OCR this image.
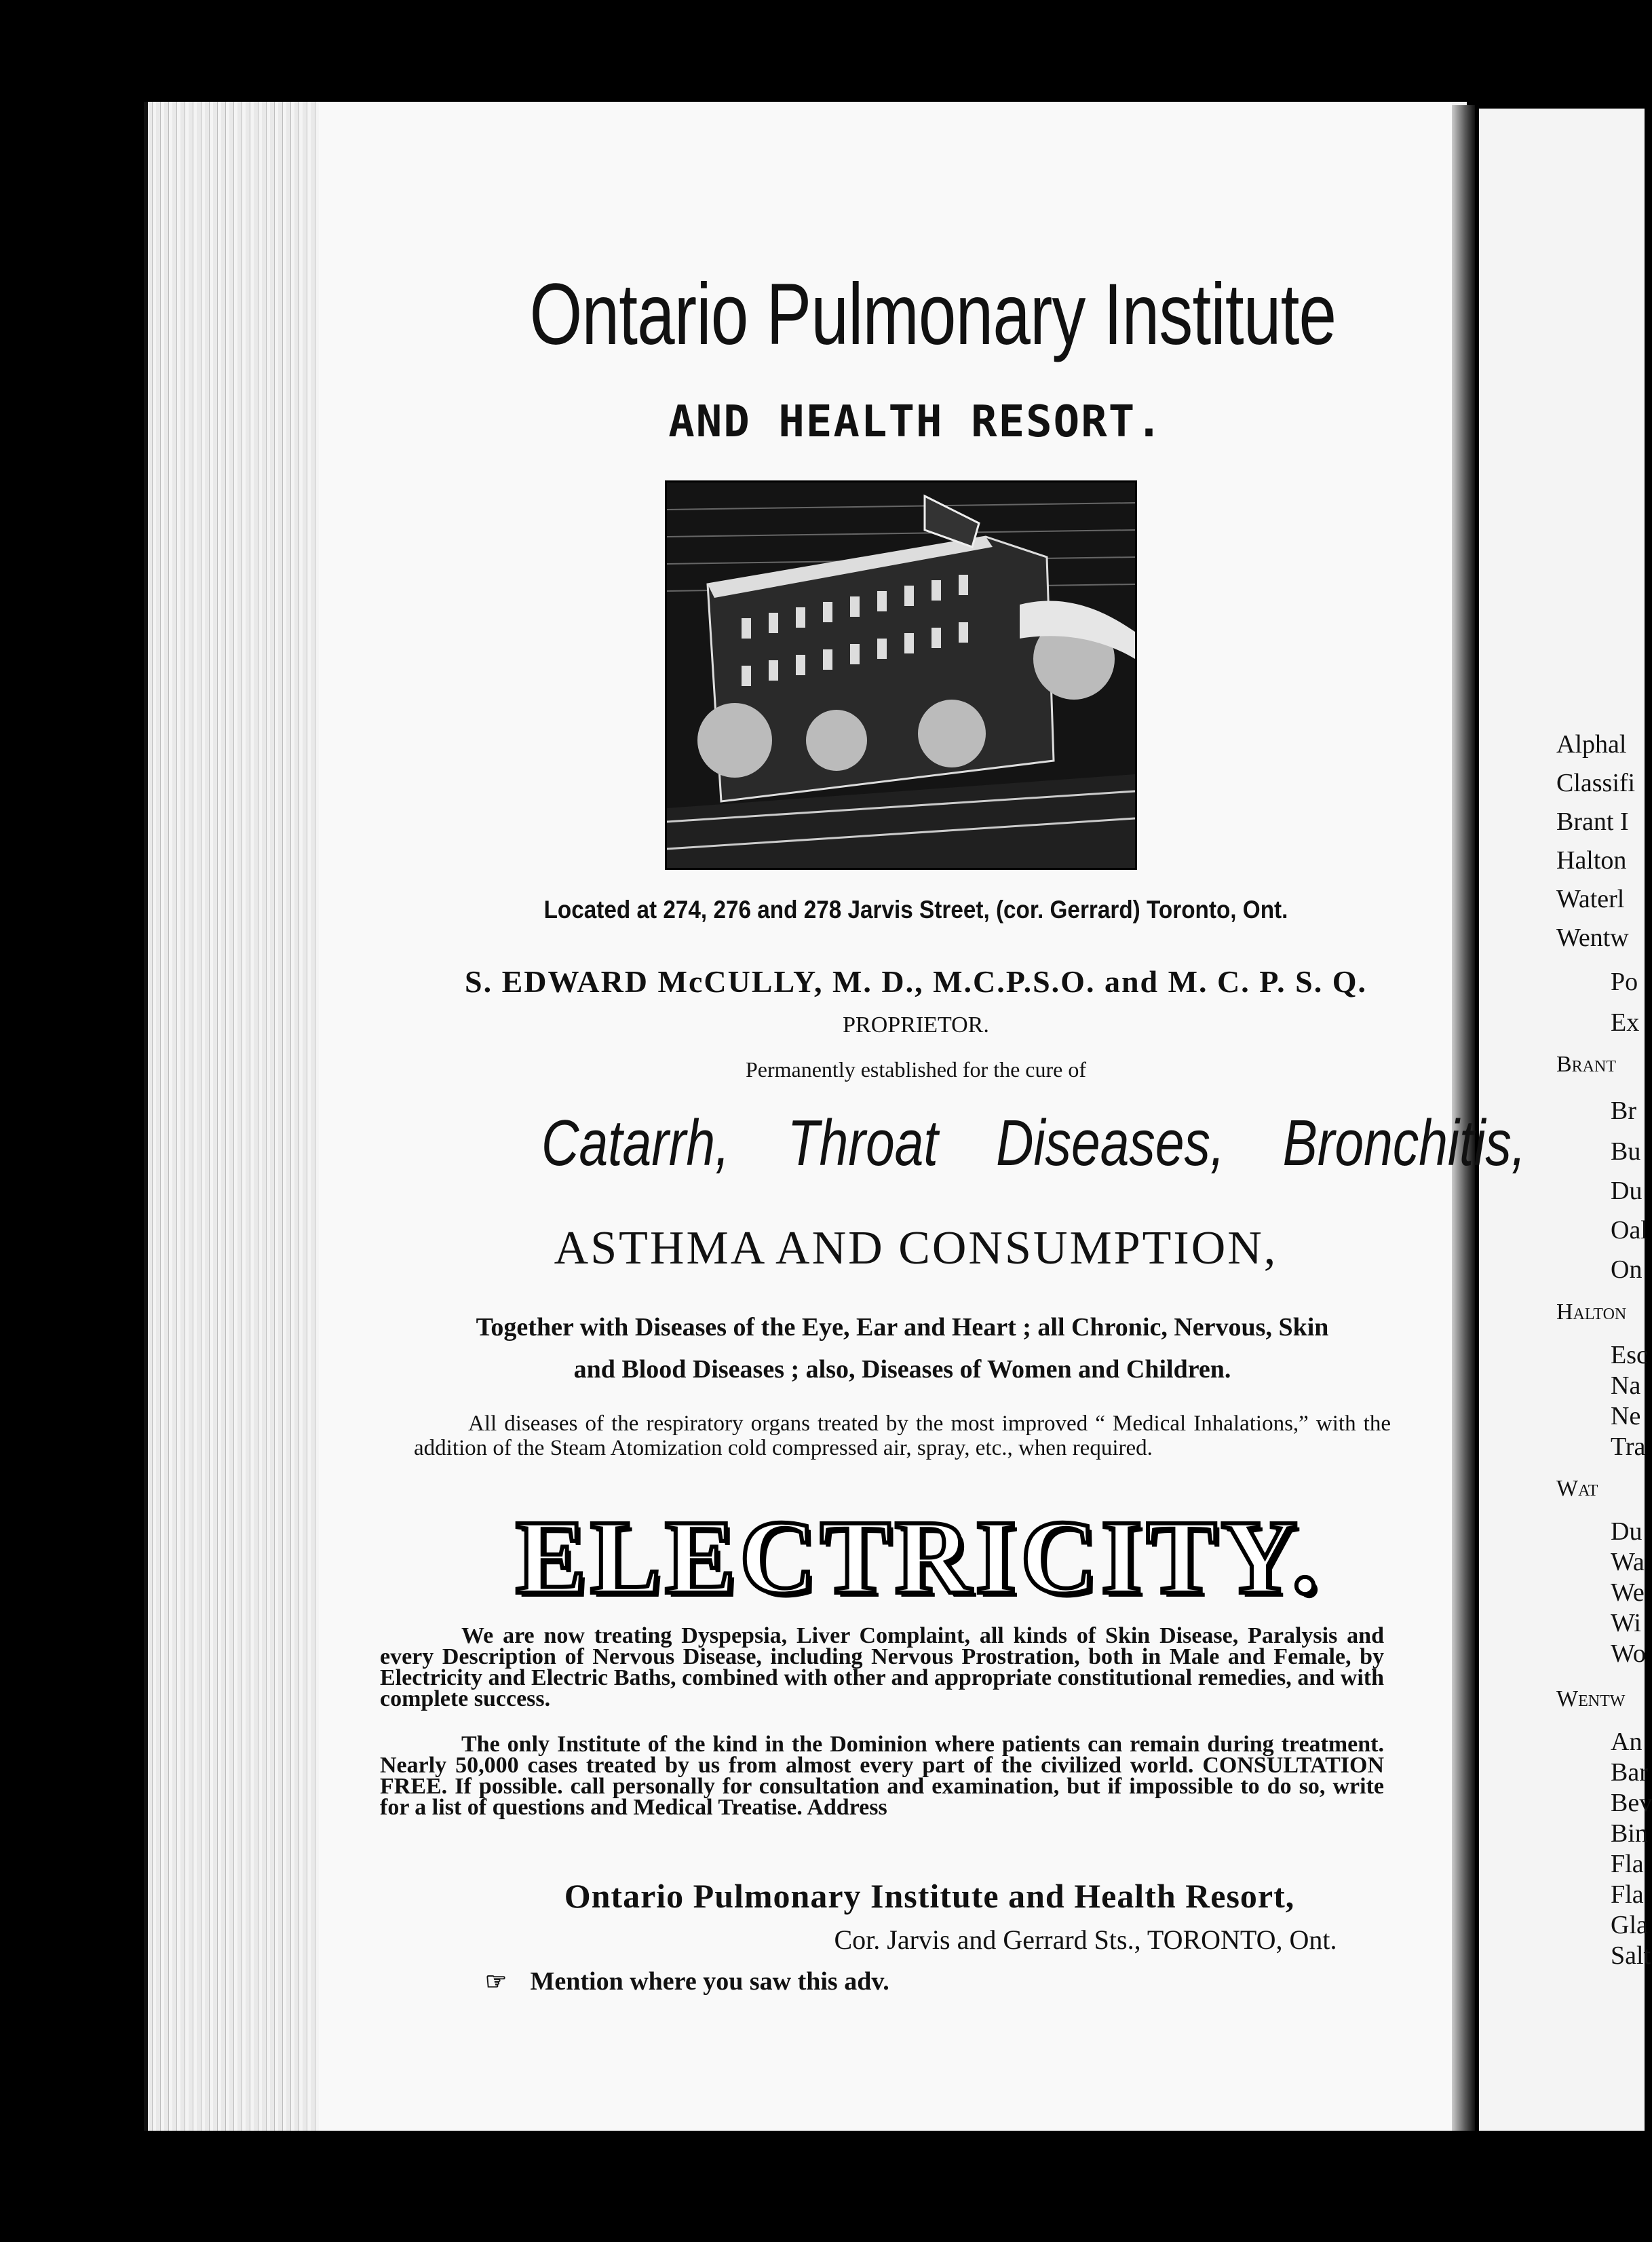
Ontario Pulmonary Institute
AND HEALTH RESORT.
Located at 274, 276 and 278 Jarvis Street, (cor. Gerrard) Toronto, Ont.
S. EDWARD McCULLY, M. D., M.C.P.S.O. and M. C. P. S. Q.
PROPRIETOR.
Permanently established for the cure of
Catarrh, Throat Diseases, Bronchitis,
ASTHMA AND CONSUMPTION,
Together with Diseases of the Eye, Ear and Heart ; all Chronic, Nervous, Skin
and Blood Diseases ; also, Diseases of Women and Children.
All diseases of the respiratory organs treated by the most improved “ Medical Inhalations,” with the addition of the Steam Atomization cold compressed air, spray, etc., when required.
ELECTRICITY.
We are now treating Dyspepsia, Liver Complaint, all kinds of Skin Disease, Paralysis and every Description of Nervous Disease, including Nervous Prostration, both in Male and Female, by Electricity and Electric Baths, combined with other and appropriate constitutional remedies, and with complete success.
The only Institute of the kind in the Dominion where patients can remain during treatment. Nearly 50,000 cases treated by us from almost every part of the civilized world. CONSULTATION FREE. If possible. call personally for consultation and examination, but if impossible to do so, write for a list of questions and Medical Treatise. Address
Ontario Pulmonary Institute and Health Resort,
Cor. Jarvis and Gerrard Sts., TORONTO, Ont.
☞ Mention where you saw this adv.
Alphal
Classifi
Brant I
Halton
Waterl
Wentw
Po
Ex
Brant
Br
Bu
Du
Oal
On
Halton
Esc
Na
Ne
Tra
Wat
Du
Wa
We
Wi
Wo
Wentw
An
Bar
Bev
Bin
Fla
Fla
Gla
Salt
